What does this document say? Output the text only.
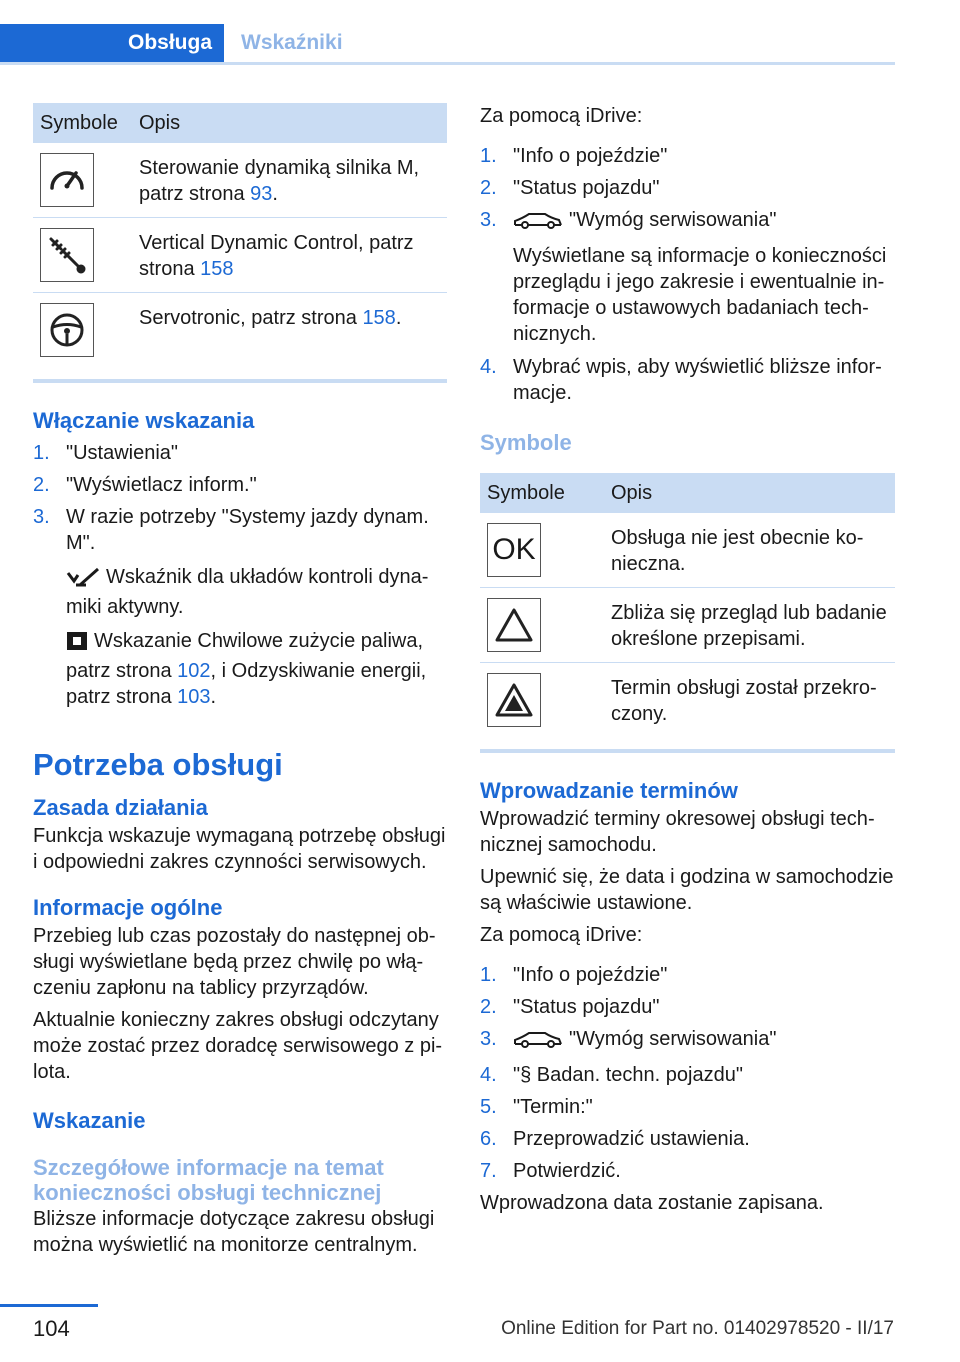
Obsługa Wskaźniki
Symbole	Opis

	Sterowanie dynamiką silnika M, patrz strona 93.

	Vertical Dynamic Control, patrz strona 158

	Servotronic, patrz strona 158.
Włączanie wskazania
1. "Ustawienia"
2. "Wyświetlacz inform."
3. W razie potrzeby "Systemy jazdy dynam. M".

Wskaźnik dla układów kontroli dynamiki aktywny.

Wskazanie Chwilowe zużycie paliwa, patrz strona 102, i Odzyskiwanie energii, patrz strona 103.

Potrzeba obsługi
Zasada działania

Funkcja wskazuje wymaganą potrzebę obsługi i odpowiedni zakres czynności serwisowych.

Informacje ogólne

Przebieg lub czas pozostały do następnej obsługi wyświetlane będą przez chwilę po włączeniu zapłonu na tablicy przyrządów.

Aktualnie konieczny zakres obsługi odczytany może zostać przez doradcę serwisowego z pilota.

Wskazanie
Szczegółowe informacje na temat konieczności obsługi technicznej

Bliższe informacje dotyczące zakresu obsługi można wyświetlić na monitorze centralnym.

Za pomocą iDrive:

1. "Info o pojeździe"
2. "Status pojazdu"
3.	"Wymóg serwisowania"

Wyświetlane są informacje o konieczności przeglądu i jego zakresie i ewentualnie informacje o ustawowych badaniach technicznych.

4. Wybrać wpis, aby wyświetlić bliższe informacje.
Symbole
Symbole	Opis

OK	Obsługa nie jest obecnie konieczna.

	Zbliża się przegląd lub badanie określone przepisami.

	Termin obsługi został przekroczony.
Wprowadzanie terminów

Wprowadzić terminy okresowej obsługi technicznej samochodu.

Upewnić się, że data i godzina w samochodzie są właściwie ustawione.

Za pomocą iDrive:

1. "Info o pojeździe"
2. "Status pojazdu"
3.	"Wymóg serwisowania"
4. "§ Badan. techn. pojazdu"
5. "Termin:"
6. Przeprowadzić ustawienia.
7. Potwierdzić.

Wprowadzona data zostanie zapisana.

104	Online Edition for Part no. 01402978520 - II/17
